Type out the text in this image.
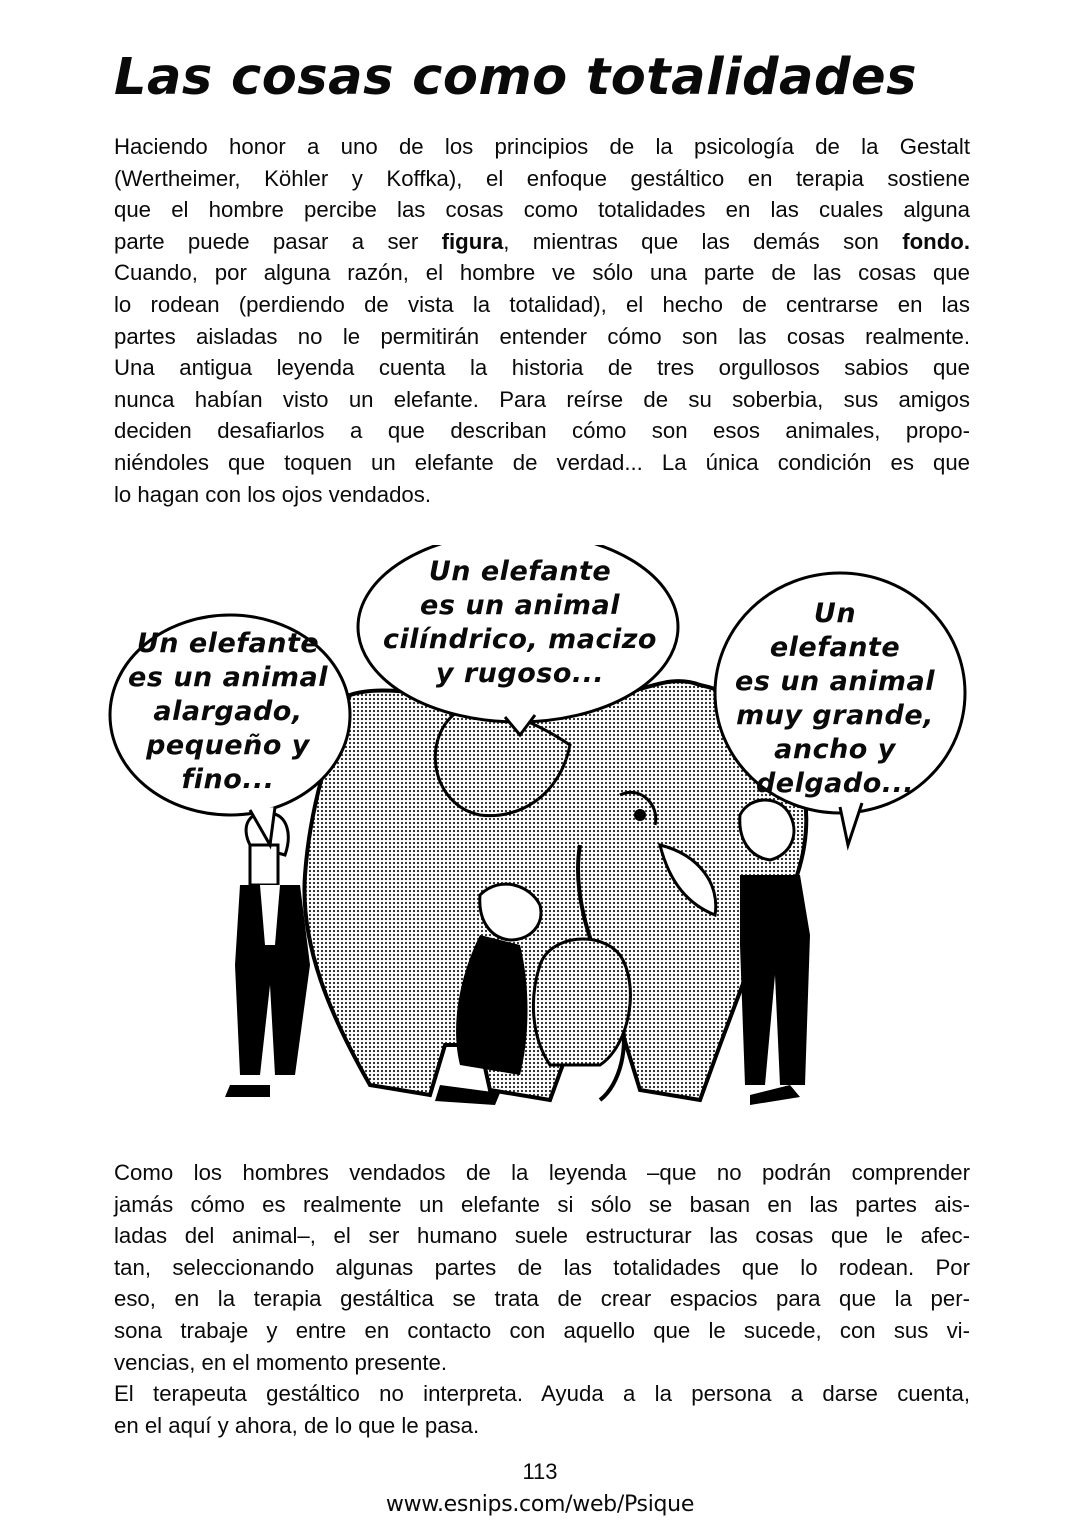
Las cosas como totalidades
Haciendo honor a uno de los principios de la psicología de la Gestalt
(Wertheimer, Köhler y Koffka), el enfoque gestáltico en terapia sostiene
que el hombre percibe las cosas como totalidades en las cuales alguna
parte puede pasar a ser figura, mientras que las demás son fondo.
Cuando, por alguna razón, el hombre ve sólo una parte de las cosas que
lo rodean (perdiendo de vista la totalidad), el hecho de centrarse en las
partes aisladas no le permitirán entender cómo son las cosas realmente.
Una antigua leyenda cuenta la historia de tres orgullosos sabios que
nunca habían visto un elefante. Para reírse de su soberbia, sus amigos
deciden desafiarlos a que describan cómo son esos animales, propo-
niéndoles que toquen un elefante de verdad... La única condición es que
lo hagan con los ojos vendados.
Un elefante
es un animal
alargado,
pequeño y
fino...
Un elefante
es un animal
cilíndrico, macizo
y rugoso...
Un
elefante
es un animal
muy grande,
ancho y
delgado...
Como los hombres vendados de la leyenda –que no podrán comprender
jamás cómo es realmente un elefante si sólo se basan en las partes ais-
ladas del animal–, el ser humano suele estructurar las cosas que le afec-
tan, seleccionando algunas partes de las totalidades que lo rodean. Por
eso, en la terapia gestáltica se trata de crear espacios para que la per-
sona trabaje y entre en contacto con aquello que le sucede, con sus vi-
vencias, en el momento presente.
El terapeuta gestáltico no interpreta. Ayuda a la persona a darse cuenta,
en el aquí y ahora, de lo que le pasa.
113
www.esnips.com/web/Psique
